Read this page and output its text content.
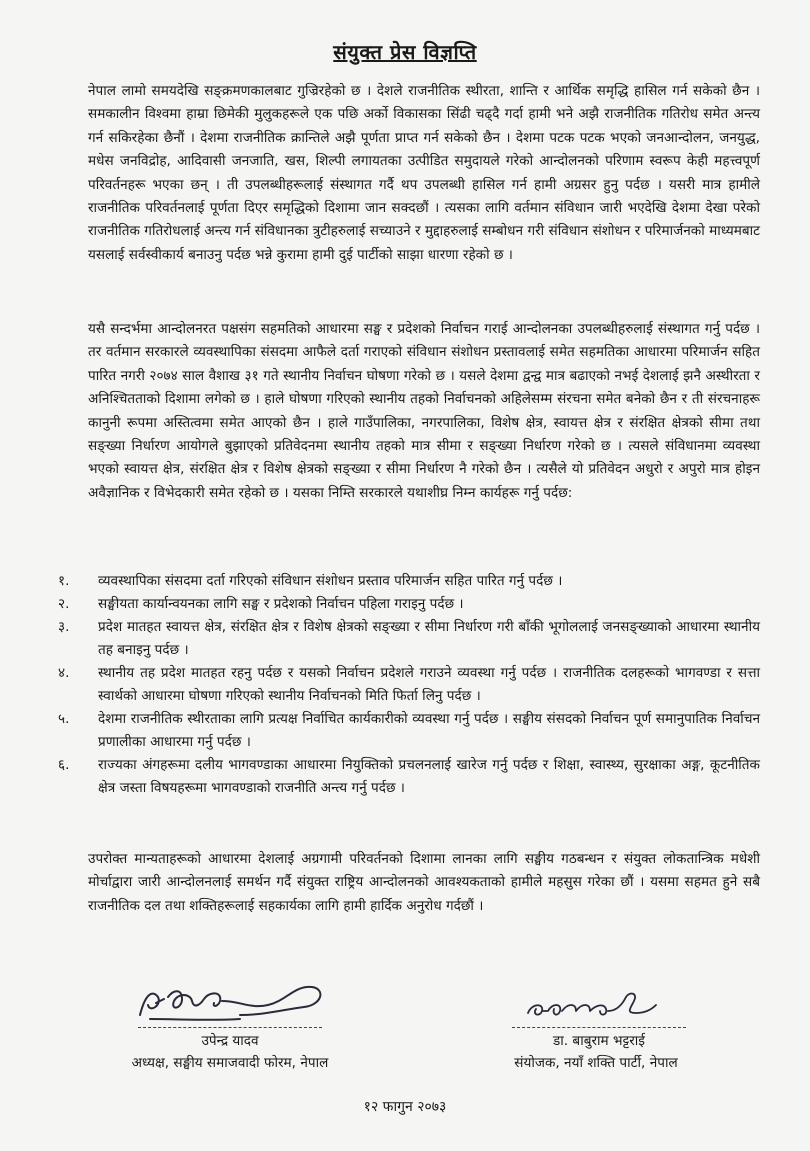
संयुक्त प्रेस विज्ञप्ति

नेपाल लामो समयदेखि सङ्क्रमणकालबाट गुज्रिरहेको छ । देशले राजनीतिक स्थीरता, शान्ति र आर्थिक समृद्धि हासिल गर्न सकेको छैन । समकालीन विश्वमा हाम्रा छिमेकी मुलुकहरूले एक पछि अर्को विकासका सिंढी चढ्दै गर्दा हामी भने अझै राजनीतिक गतिरोध समेत अन्त्य गर्न सकिरहेका छैनौं । देशमा राजनीतिक क्रान्तिले अझै पूर्णता प्राप्त गर्न सकेको छैन । देशमा पटक पटक भएको जनआन्दोलन, जनयुद्ध, मधेस जनविद्रोह, आदिवासी जनजाति, खस, शिल्पी लगायतका उत्पीडित समुदायले गरेको आन्दोलनको परिणाम स्वरूप केही महत्त्वपूर्ण परिवर्तनहरू भएका छन् । ती उपलब्धीहरूलाई संस्थागत गर्दै थप उपलब्धी हासिल गर्न हामी अग्रसर हुनु पर्दछ । यसरी मात्र हामीले राजनीतिक परिवर्तनलाई पूर्णता दिएर समृद्धिको दिशामा जान सक्दछौं । त्यसका लागि वर्तमान संविधान जारी भएदेखि देशमा देखा परेको राजनीतिक गतिरोधलाई अन्त्य गर्न संविधानका त्रुटीहरुलाई सच्याउने र मुद्दाहरुलाई सम्बोधन गरी संविधान संशोधन र परिमार्जनको माध्यमबाट यसलाई सर्वस्वीकार्य बनाउनु पर्दछ भन्ने कुरामा हामी दुई पार्टीको साझा धारणा रहेको छ ।

यसै सन्दर्भमा आन्दोलनरत पक्षसंग सहमतिको आधारमा सङ्घ र प्रदेशको निर्वाचन गराई आन्दोलनका उपलब्धीहरुलाई संस्थागत गर्नु पर्दछ । तर वर्तमान सरकारले व्यवस्थापिका संसदमा आफैले दर्ता गराएको संविधान संशोधन प्रस्तावलाई समेत सहमतिका आधारमा परिमार्जन सहित पारित नगरी २०७४ साल वैशाख ३१ गते स्थानीय निर्वाचन घोषणा गरेको छ । यसले देशमा द्वन्द्व मात्र बढाएको नभई देशलाई झनै अस्थीरता र अनिश्चितताको दिशामा लगेको छ । हाले घोषणा गरिएको स्थानीय तहको निर्वाचनको अहिलेसम्म संरचना समेत बनेको छैन र ती संरचनाहरू कानुनी रूपमा अस्तित्वमा समेत आएको छैन । हाले गाउँपालिका, नगरपालिका, विशेष क्षेत्र, स्वायत्त क्षेत्र र संरक्षित क्षेत्रको सीमा तथा सङ्ख्या निर्धारण आयोगले बुझाएको प्रतिवेदनमा स्थानीय तहको मात्र सीमा र सङ्ख्या निर्धारण गरेको छ । त्यसले संविधानमा व्यवस्था भएको स्वायत्त क्षेत्र, संरक्षित क्षेत्र र विशेष क्षेत्रको सङ्ख्या र सीमा निर्धारण नै गरेको छैन । त्यसैले यो प्रतिवेदन अधुरो र अपुरो मात्र होइन अवैज्ञानिक र विभेदकारी समेत रहेको छ । यसका निम्ति सरकारले यथाशीघ्र निम्न कार्यहरू गर्नु पर्दछ:

१.	व्यवस्थापिका संसदमा दर्ता गरिएको संविधान संशोधन प्रस्ताव परिमार्जन सहित पारित गर्नु पर्दछ ।
२.	सङ्घीयता कार्यान्वयनका लागि सङ्घ र प्रदेशको निर्वाचन पहिला गराइनु पर्दछ ।
३.	प्रदेश मातहत स्वायत्त क्षेत्र, संरक्षित क्षेत्र र विशेष क्षेत्रको सङ्ख्या र सीमा निर्धारण गरी बाँकी भूगोललाई जनसङ्ख्याको आधारमा स्थानीय तह बनाइनु पर्दछ ।
४.	स्थानीय तह प्रदेश मातहत रहनु पर्दछ र यसको निर्वाचन प्रदेशले गराउने व्यवस्था गर्नु पर्दछ । राजनीतिक दलहरूको भागवण्डा र सत्ता स्वार्थको आधारमा घोषणा गरिएको स्थानीय निर्वाचनको मिति फिर्ता लिनु पर्दछ ।
५.	देशमा राजनीतिक स्थीरताका लागि प्रत्यक्ष निर्वाचित कार्यकारीको व्यवस्था गर्नु पर्दछ । सङ्घीय संसदको निर्वाचन पूर्ण समानुपातिक निर्वाचन प्रणालीका आधारमा गर्नु पर्दछ ।
६.	राज्यका अंगहरूमा दलीय भागवण्डाका आधारमा नियुक्तिको प्रचलनलाई खारेज गर्नु पर्दछ र शिक्षा, स्वास्थ्य, सुरक्षाका अङ्ग, कूटनीतिक क्षेत्र जस्ता विषयहरूमा भागवण्डाको राजनीति अन्त्य गर्नु पर्दछ ।

उपरोक्त मान्यताहरूको आधारमा देशलाई अग्रगामी परिवर्तनको दिशामा लानका लागि सङ्घीय गठबन्धन र संयुक्त लोकतान्त्रिक मधेशी मोर्चाद्वारा जारी आन्दोलनलाई समर्थन गर्दै संयुक्त राष्ट्रिय आन्दोलनको आवश्यकताको हामीले महसुस गरेका छौं । यसमा सहमत हुने सबै राजनीतिक दल तथा शक्तिहरूलाई सहकार्यका लागि हामी हार्दिक अनुरोध गर्दछौं ।

उपेन्द्र यादव
अध्यक्ष, सङ्घीय समाजवादी फोरम, नेपाल
डा. बाबुराम भट्टराई
संयोजक, नयाँ शक्ति पार्टी, नेपाल
१२ फागुन २०७३
